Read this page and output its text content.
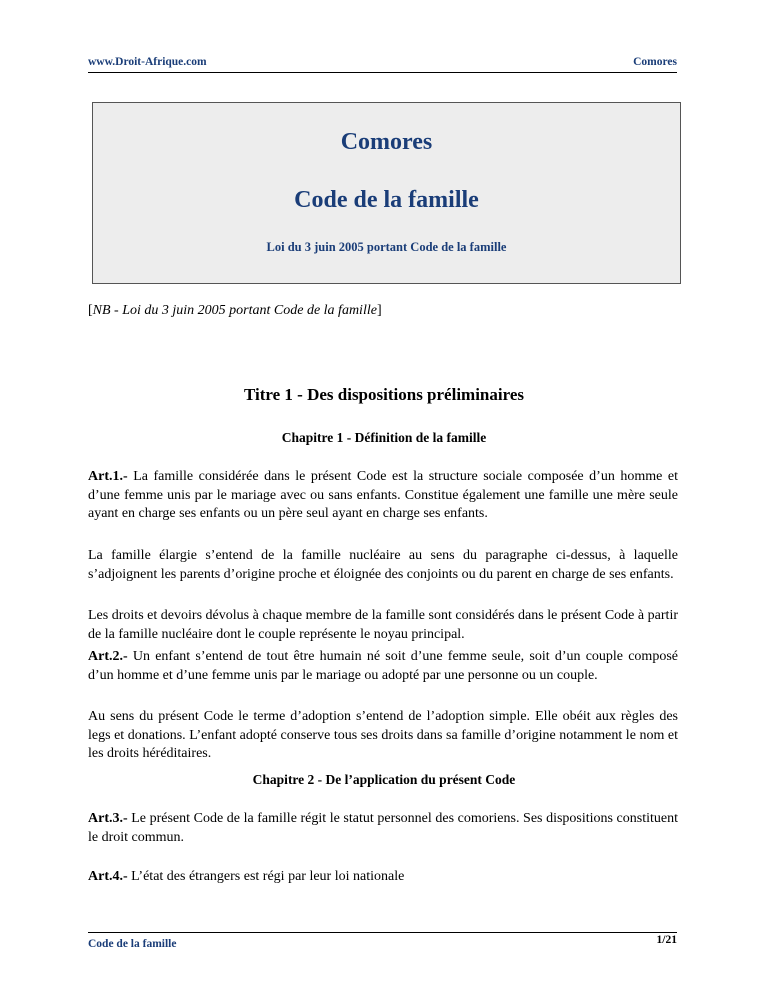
www.Droit-Afrique.com	Comores
Comores
Code de la famille
Loi du 3 juin 2005 portant Code de la famille
[NB - Loi du 3 juin 2005 portant Code de la famille]
Titre 1 - Des dispositions préliminaires
Chapitre 1 - Définition de la famille

Art.1.- La famille considérée dans le présent Code est la structure sociale composée d’un homme et d’une femme unis par le mariage avec ou sans enfants. Constitue également une famille une mère seule ayant en charge ses enfants ou un père seul ayant en charge ses enfants.

La famille élargie s’entend de la famille nucléaire au sens du paragraphe ci-dessus, à laquelle s’adjoignent les parents d’origine proche et éloignée des conjoints ou du parent en charge de ses enfants.

Les droits et devoirs dévolus à chaque membre de la famille sont considérés dans le présent Code à partir de la famille nucléaire dont le couple représente le noyau principal.

Art.2.- Un enfant s’entend de tout être humain né soit d’une femme seule, soit d’un couple composé d’un homme et d’une femme unis par le mariage ou adopté par une personne ou un couple.

Au sens du présent Code le terme d’adoption s’entend de l’adoption simple. Elle obéit aux règles des legs et donations. L’enfant adopté conserve tous ses droits dans sa famille d’origine notamment le nom et les droits héréditaires.

Chapitre 2 - De l’application du présent Code

Art.3.- Le présent Code de la famille régit le statut personnel des comoriens. Ses dispositions constituent le droit commun.

Art.4.- L’état des étrangers est régi par leur loi nationale

Code de la famille	1/21
